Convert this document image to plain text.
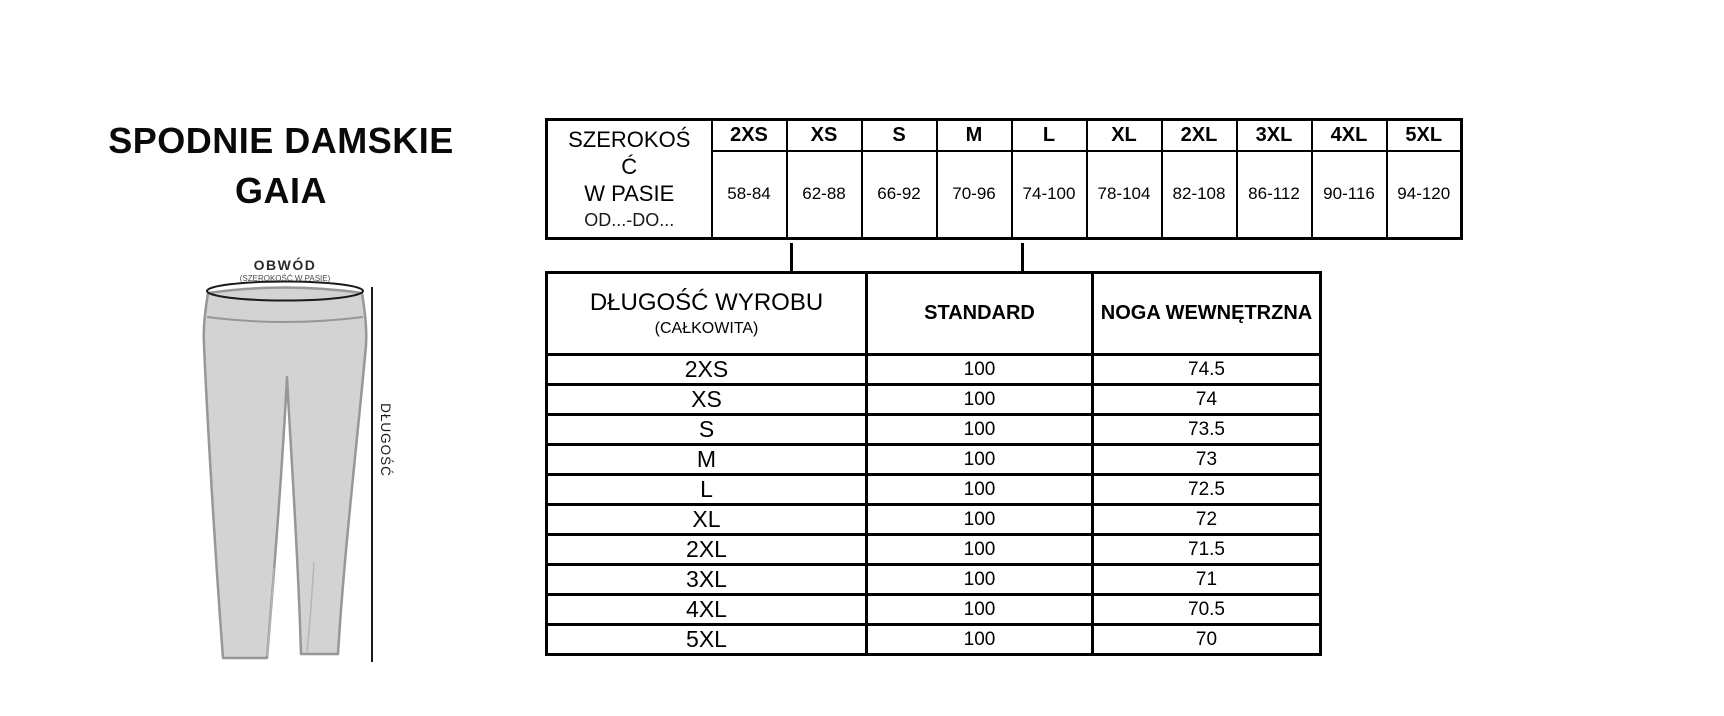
SPODNIE DAMSKIE
GAIA
OBWÓD
(SZEROKOŚĆ W PASIE)
DŁUGOŚĆ
SZEROKOŚ
Ć
W PASIE
OD...-DO...	2XS	XS	S	M	L	XL	2XL	3XL	4XL	5XL
	58-84	62-88	66-92	70-96	74-100	78-104	82-108	86-112	90-116	94-120
DŁUGOŚĆ WYROBU
(CAŁKOWITA)	STANDARD	NOGA WEWNĘTRZNA
2XS	100	74.5
XS	100	74
S	100	73.5
M	100	73
L	100	72.5
XL	100	72
2XL	100	71.5
3XL	100	71
4XL	100	70.5
5XL	100	70
